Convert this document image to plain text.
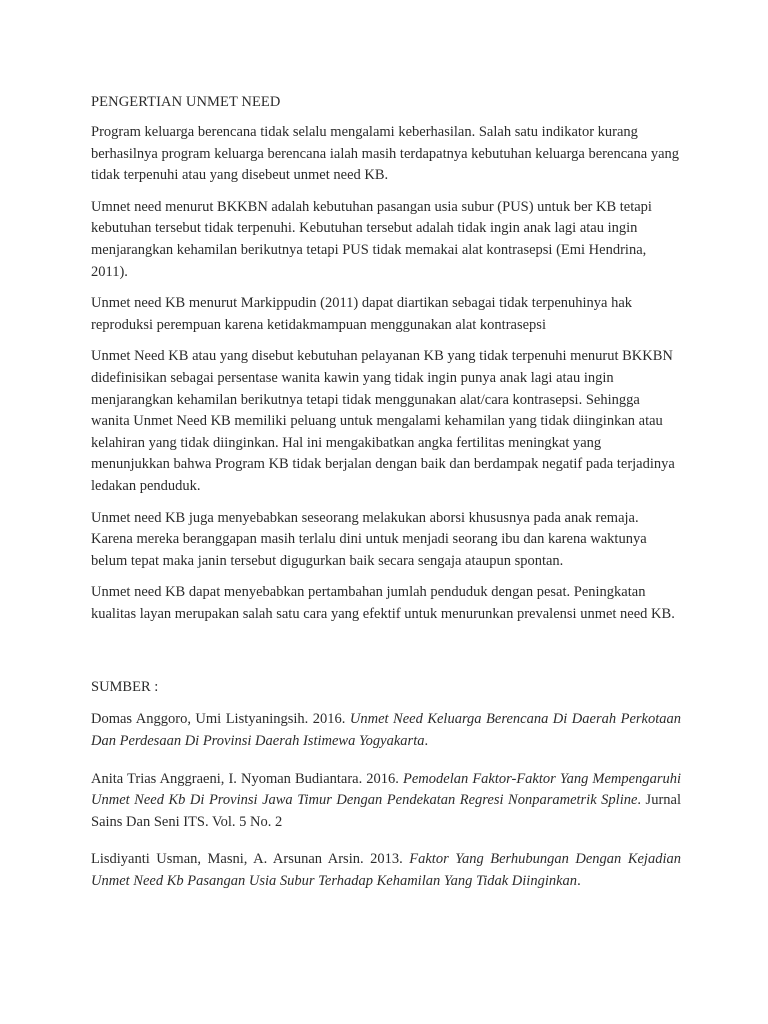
PENGERTIAN UNMET NEED

Program keluarga berencana tidak selalu mengalami keberhasilan. Salah satu indikator kurang berhasilnya program keluarga berencana ialah masih terdapatnya kebutuhan keluarga berencana yang tidak terpenuhi atau yang disebeut unmet need KB.

Umnet need menurut BKKBN adalah kebutuhan pasangan usia subur (PUS) untuk ber KB tetapi kebutuhan tersebut tidak terpenuhi. Kebutuhan tersebut adalah tidak ingin anak lagi atau ingin menjarangkan kehamilan berikutnya tetapi PUS tidak memakai alat kontrasepsi (Emi Hendrina, 2011).

Unmet need KB menurut Markippudin (2011) dapat diartikan sebagai tidak terpenuhinya hak reproduksi perempuan karena ketidakmampuan menggunakan alat kontrasepsi

Unmet Need KB atau yang disebut kebutuhan pelayanan KB yang tidak terpenuhi menurut BKKBN didefinisikan sebagai persentase wanita kawin yang tidak ingin punya anak lagi atau ingin menjarangkan kehamilan berikutnya tetapi tidak menggunakan alat/cara kontrasepsi. Sehingga wanita Unmet Need KB memiliki peluang untuk mengalami kehamilan yang tidak diinginkan atau kelahiran yang tidak diinginkan. Hal ini mengakibatkan angka fertilitas meningkat yang menunjukkan bahwa Program KB tidak berjalan dengan baik dan berdampak negatif pada terjadinya ledakan penduduk.

Unmet need KB juga menyebabkan seseorang melakukan aborsi khususnya pada anak remaja. Karena mereka beranggapan masih terlalu dini untuk menjadi seorang ibu dan karena waktunya belum tepat maka janin tersebut digugurkan baik secara sengaja ataupun spontan.

Unmet need KB dapat menyebabkan pertambahan jumlah penduduk dengan pesat. Peningkatan kualitas layan merupakan salah satu cara yang efektif untuk menurunkan prevalensi unmet need KB.

SUMBER :

Domas Anggoro, Umi Listyaningsih. 2016. Unmet Need Keluarga Berencana Di Daerah Perkotaan Dan Perdesaan Di Provinsi Daerah Istimewa Yogyakarta.

Anita Trias Anggraeni, I. Nyoman Budiantara. 2016. Pemodelan Faktor-Faktor Yang Mempengaruhi Unmet Need Kb Di Provinsi Jawa Timur Dengan Pendekatan Regresi Nonparametrik Spline. Jurnal Sains Dan Seni ITS. Vol. 5 No. 2

Lisdiyanti Usman, Masni, A. Arsunan Arsin. 2013. Faktor Yang Berhubungan Dengan Kejadian Unmet Need Kb Pasangan Usia Subur Terhadap Kehamilan Yang Tidak Diinginkan.
